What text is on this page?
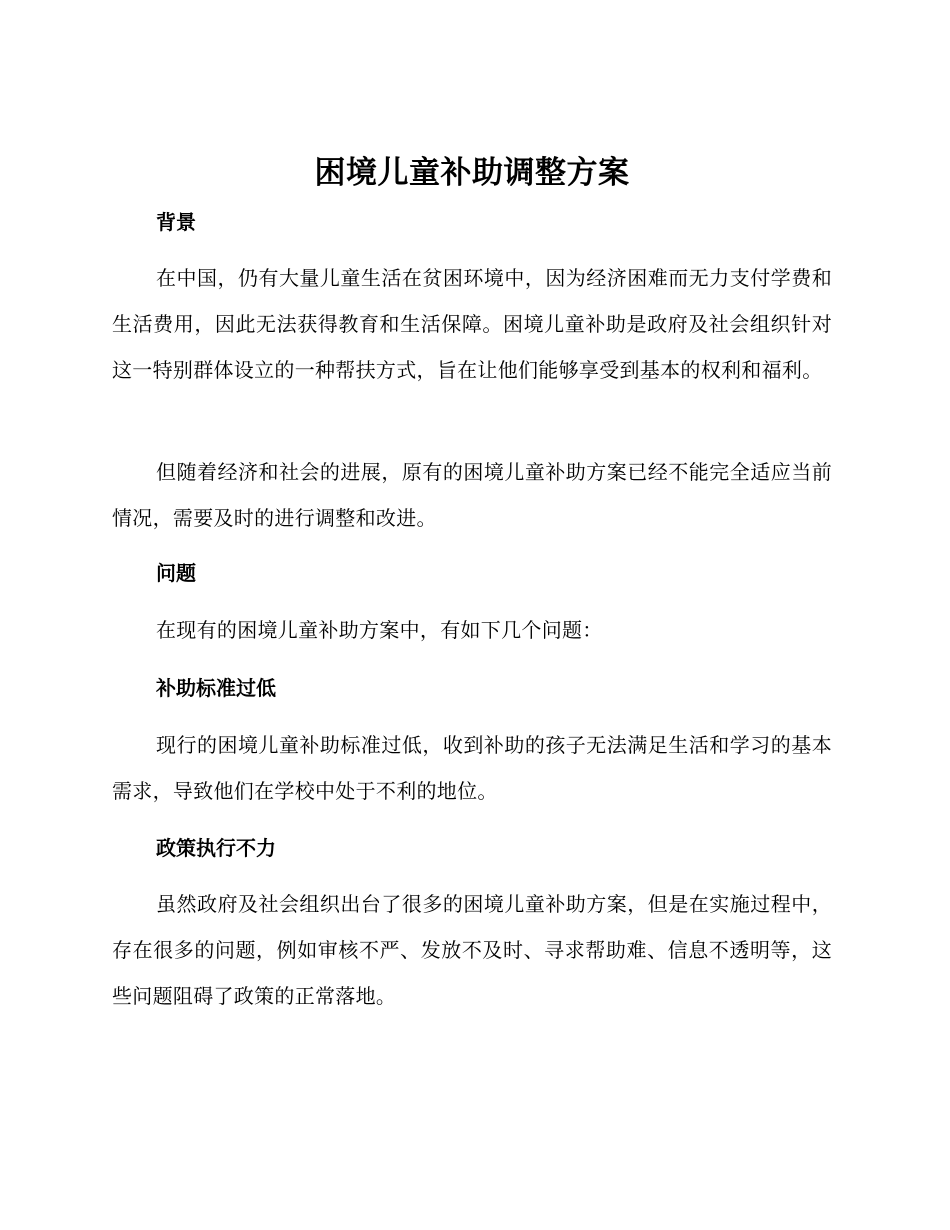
困境儿童补助调整方案
背景

在中国，仍有大量儿童生活在贫困环境中，因为经济困难而无力支付学费和生活费用，因此无法获得教育和生活保障。困境儿童补助是政府及社会组织针对这一特别群体设立的一种帮扶方式，旨在让他们能够享受到基本的权利和福利。

但随着经济和社会的进展，原有的困境儿童补助方案已经不能完全适应当前情况，需要及时的进行调整和改进。

问题

在现有的困境儿童补助方案中，有如下几个问题：

补助标准过低

现行的困境儿童补助标准过低，收到补助的孩子无法满足生活和学习的基本需求，导致他们在学校中处于不利的地位。

政策执行不力

虽然政府及社会组织出台了很多的困境儿童补助方案，但是在实施过程中，存在很多的问题，例如审核不严、发放不及时、寻求帮助难、信息不透明等，这些问题阻碍了政策的正常落地。
